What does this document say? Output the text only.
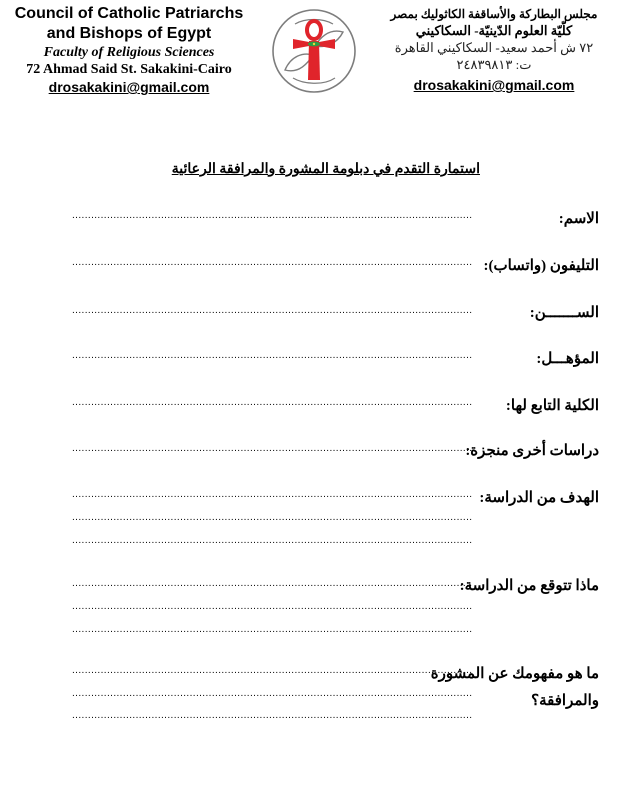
Council of Catholic Patriarchs
and Bishops of Egypt
Faculty of Religious Sciences
72 Ahmad Said St. Sakakini-Cairo
drosakakini@gmail.com
مجلس البطاركة والأساقفة الكاثوليك بمصر
كلّيّة العلوم الدّينيّة- السكاكيني
٧٢ ش أحمد سعيد- السكاكيني القاهرة
ت: ٢٤٨٣٩٨١٣
drosakakini@gmail.com
استمارة التقدم في دبلومة المشورة والمرافقة الرعائية
الاسم:
..............................................................................................................................
التليفون (واتساب):
..............................................................................................................................
الســـــــن:
..............................................................................................................................
المؤهـــل:
..............................................................................................................................
الكلية التابع لها:
..............................................................................................................................
دراسات أخرى منجزة:
..............................................................................................................................
الهدف من الدراسة:
..............................................................................................................................
..............................................................................................................................
..............................................................................................................................
ماذا تتوقع من الدراسة:
..............................................................................................................................
..............................................................................................................................
..............................................................................................................................
ما هو مفهومك عن المشورة
والمرافقة؟
..............................................................................................................................
..............................................................................................................................
..............................................................................................................................
